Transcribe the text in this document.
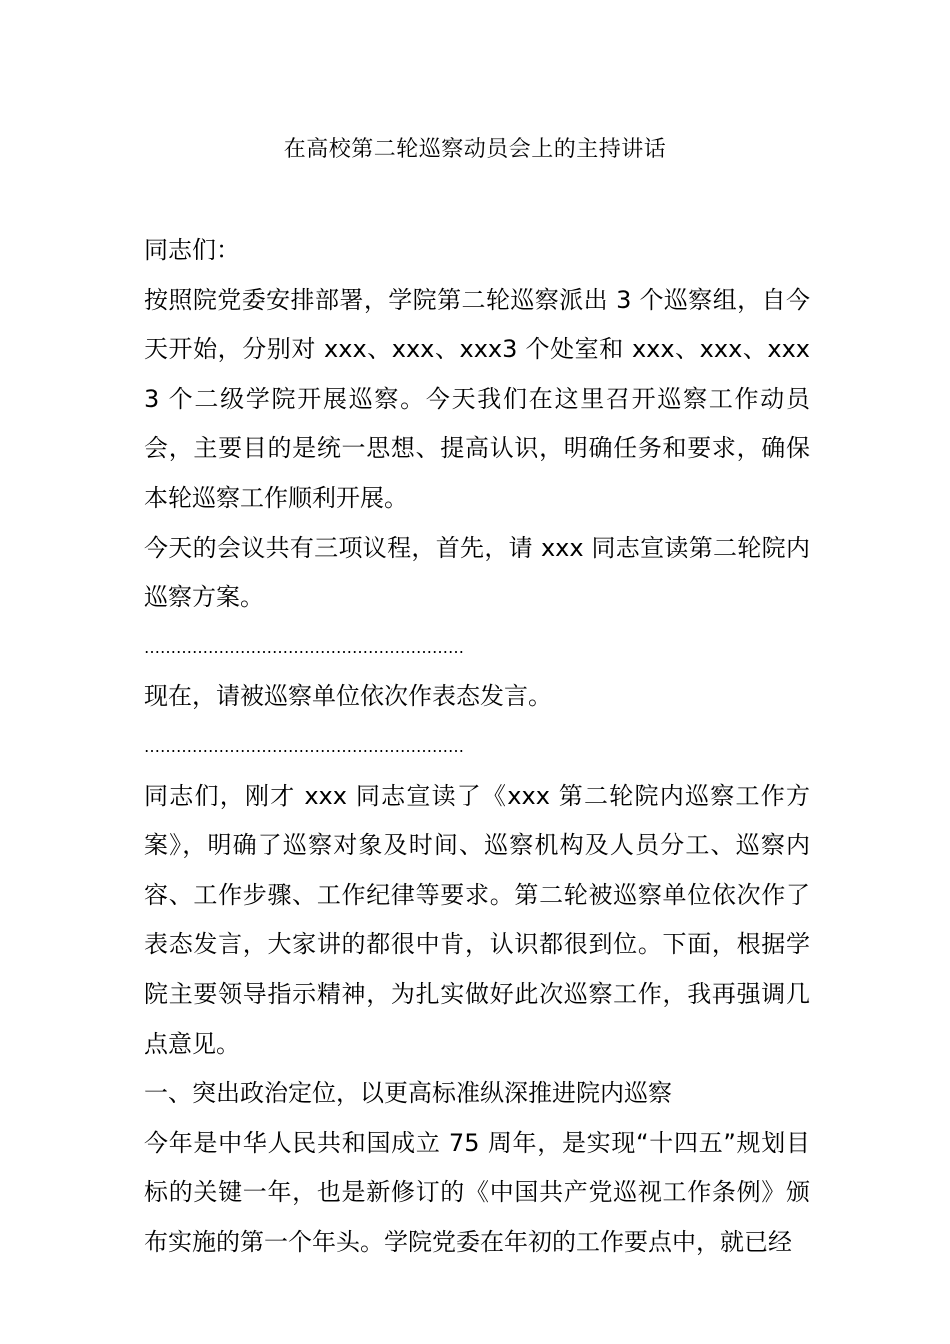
在高校第二轮巡察动员会上的主持讲话

同志们：

按照院党委安排部署，学院第二轮巡察派出 3 个巡察组，自今天开始，分别对 xxx、xxx、xxx3 个处室和 xxx、xxx、xxx3 个二级学院开展巡察。今天我们在这里召开巡察工作动员会，主要目的是统一思想、提高认识，明确任务和要求，确保本轮巡察工作顺利开展。

今天的会议共有三项议程，首先，请 xxx 同志宣读第二轮院内巡察方案。

……………………………………………………

现在，请被巡察单位依次作表态发言。

……………………………………………………

同志们，刚才 xxx 同志宣读了《xxx 第二轮院内巡察工作方案》，明确了巡察对象及时间、巡察机构及人员分工、巡察内容、工作步骤、工作纪律等要求。第二轮被巡察单位依次作了表态发言，大家讲的都很中肯，认识都很到位。下面，根据学院主要领导指示精神，为扎实做好此次巡察工作，我再强调几点意见。

一、突出政治定位，以更高标准纵深推进院内巡察

今年是中华人民共和国成立 75 周年，是实现“十四五”规划目标的关键一年，也是新修订的《中国共产党巡视工作条例》颁布实施的第一个年头。学院党委在年初的工作要点中，就已经
